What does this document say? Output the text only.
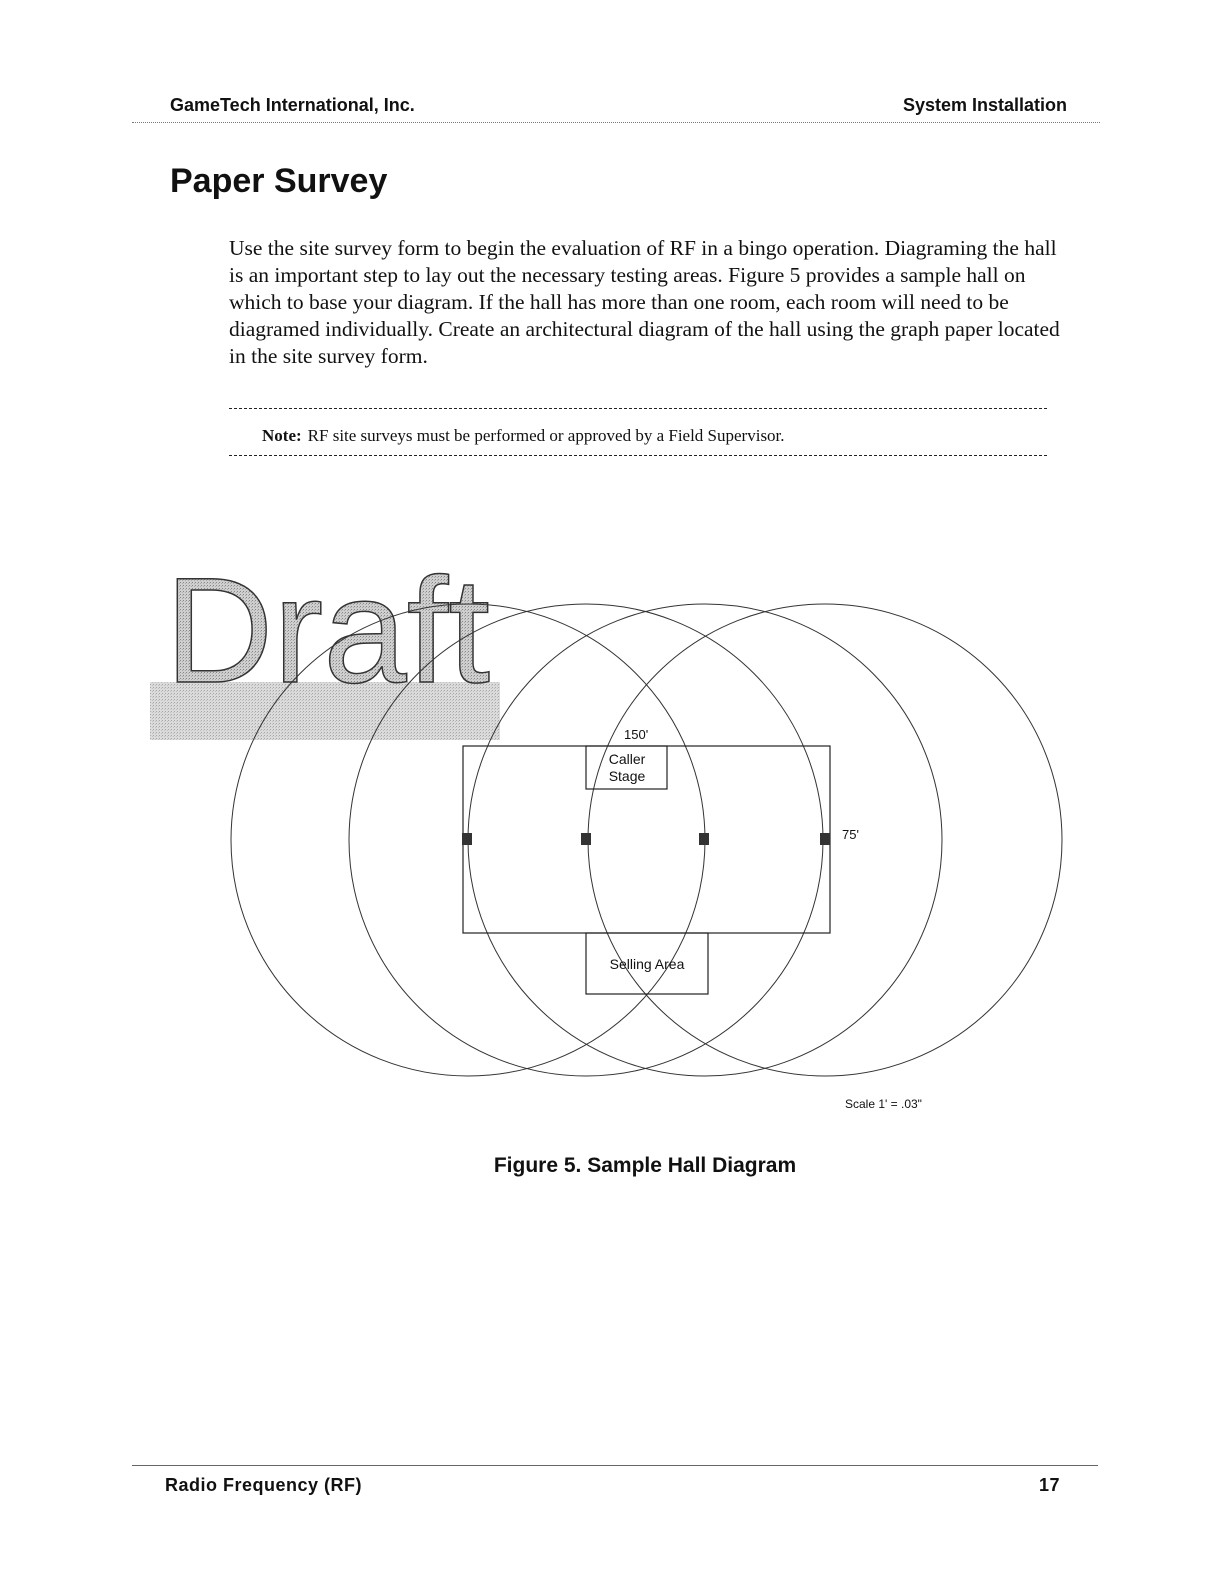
GameTech International, Inc.	System Installation
Paper Survey

Use the site survey form to begin the evaluation of RF in a bingo operation. Diagraming the hall is an important step to lay out the necessary testing areas. Figure 5 provides a sample hall on which to base your diagram. If the hall has more than one room, each room will need to be diagramed individually. Create an architectural diagram of the hall using the graph paper located in the site survey form.

Note: RF site surveys must be performed or approved by a Field Supervisor.

Draft
150'
Caller
Stage
75'
Selling Area
Scale 1' = .03"

Figure 5. Sample Hall Diagram

Radio Frequency (RF)	17
